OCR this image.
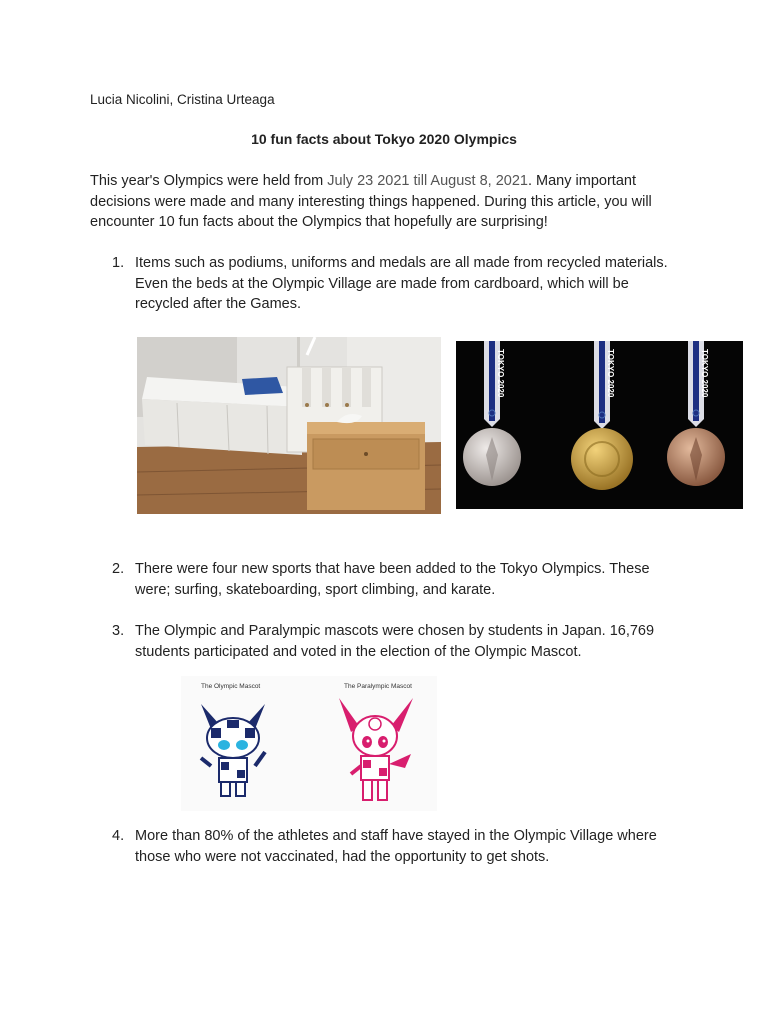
Lucia Nicolini, Cristina Urteaga
10 fun facts about Tokyo 2020 Olympics
This year's Olympics were held from July 23 2021 till August 8, 2021. Many important decisions were made and many interesting things happened. During this article, you will encounter 10 fun facts about the Olympics that hopefully are surprising!
1. Items such as podiums, uniforms and medals are all made from recycled materials. Even the beds at the Olympic Village are made from cardboard, which will be recycled after the Games.
TOKYO 2020	TOKYO 2020	TOKYO 2020
2. There were four new sports that have been added to the Tokyo Olympics. These were; surfing, skateboarding, sport climbing, and karate.
3. The Olympic and Paralympic mascots were chosen by students in Japan. 16,769 students participated and voted in the election of the Olympic Mascot.
The Olympic Mascot	The Paralympic Mascot
4. More than 80% of the athletes and staff have stayed in the Olympic Village where those who were not vaccinated, had the opportunity to get shots.
